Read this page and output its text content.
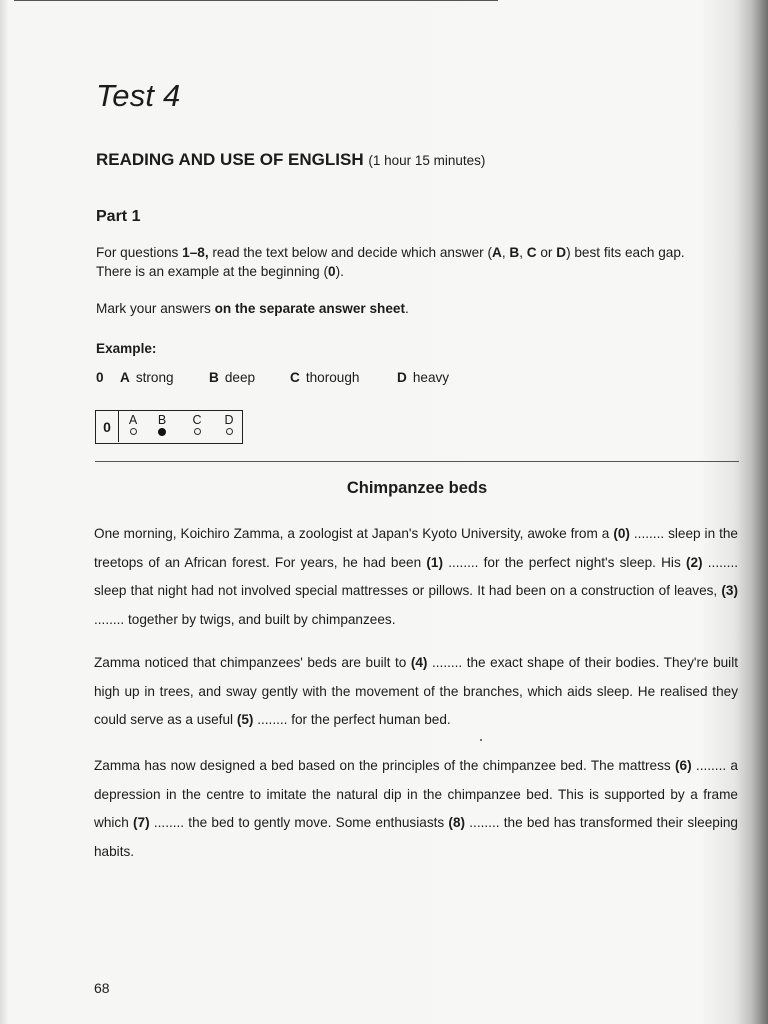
Test 4
READING AND USE OF ENGLISH (1 hour 15 minutes)
Part 1
For questions 1–8, read the text below and decide which answer (A, B, C or D) best fits each gap.
There is an example at the beginning (0).
Mark your answers on the separate answer sheet.
Example:
0 A strong	B deep	C thorough	D heavy
0	A	B	C	D
Chimpanzee beds
One morning, Koichiro Zamma, a zoologist at Japan's Kyoto University, awoke from a (0) ........ sleep in the treetops of an African forest. For years, he had been (1) ........ for the perfect night's sleep. His (2) ........ sleep that night had not involved special mattresses or pillows. It had been on a construction of leaves, (3) ........ together by twigs, and built by chimpanzees.
Zamma noticed that chimpanzees' beds are built to (4) ........ the exact shape of their bodies. They're built high up in trees, and sway gently with the movement of the branches, which aids sleep. He realised they could serve as a useful (5) ........ for the perfect human bed.
Zamma has now designed a bed based on the principles of the chimpanzee bed. The mattress (6) ........ a depression in the centre to imitate the natural dip in the chimpanzee bed. This is supported by a frame which (7) ........ the bed to gently move. Some enthusiasts (8) ........ the bed has transformed their sleeping habits.
68
